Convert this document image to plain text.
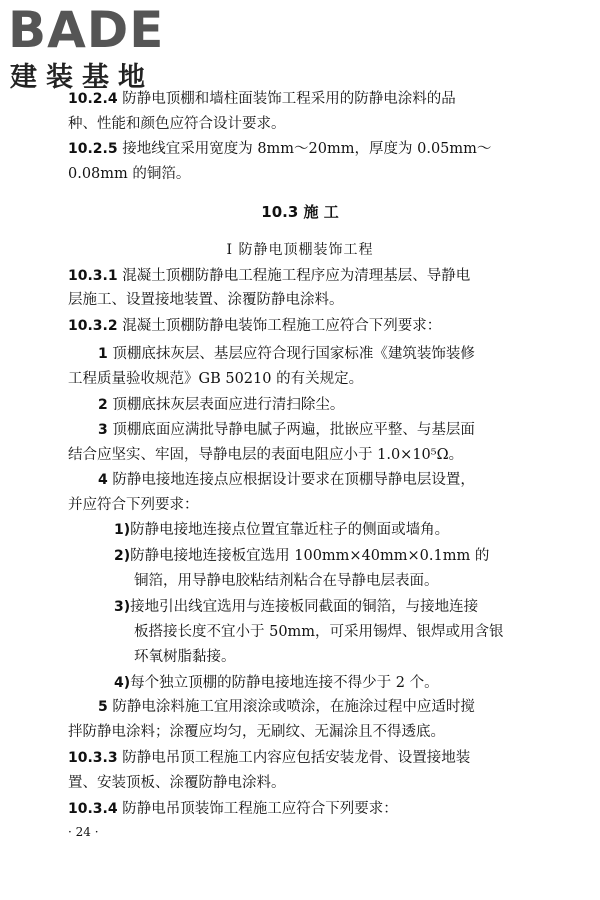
BADE
建装基地
10.2.4 防静电顶棚和墙柱面装饰工程采用的防静电涂料的品
种、性能和颜色应符合设计要求。
10.2.5 接地线宜采用宽度为 8mm～20mm，厚度为 0.05mm～
0.08mm 的铜箔。
10.3 施 工
Ⅰ 防静电顶棚装饰工程
10.3.1 混凝土顶棚防静电工程施工程序应为清理基层、导静电
层施工、设置接地装置、涂覆防静电涂料。
10.3.2 混凝土顶棚防静电装饰工程施工应符合下列要求：
1 顶棚底抹灰层、基层应符合现行国家标准《建筑装饰装修
工程质量验收规范》GB 50210 的有关规定。
2 顶棚底抹灰层表面应进行清扫除尘。
3 顶棚底面应满批导静电腻子两遍，批嵌应平整、与基层面
结合应坚实、牢固，导静电层的表面电阻应小于 1.0×10⁵Ω。
4 防静电接地连接点应根据设计要求在顶棚导静电层设置，
并应符合下列要求：
1)防静电接地连接点位置宜靠近柱子的侧面或墙角。
2)防静电接地连接板宜选用 100mm×40mm×0.1mm 的
铜箔，用导静电胶粘结剂粘合在导静电层表面。
3)接地引出线宜选用与连接板同截面的铜箔，与接地连接
板搭接长度不宜小于 50mm，可采用锡焊、银焊或用含银
环氧树脂黏接。
4)每个独立顶棚的防静电接地连接不得少于 2 个。
5 防静电涂料施工宜用滚涂或喷涂，在施涂过程中应适时搅
拌防静电涂料；涂覆应均匀，无刷纹、无漏涂且不得透底。
10.3.3 防静电吊顶工程施工内容应包括安装龙骨、设置接地装
置、安装顶板、涂覆防静电涂料。
10.3.4 防静电吊顶装饰工程施工应符合下列要求：
· 24 ·
